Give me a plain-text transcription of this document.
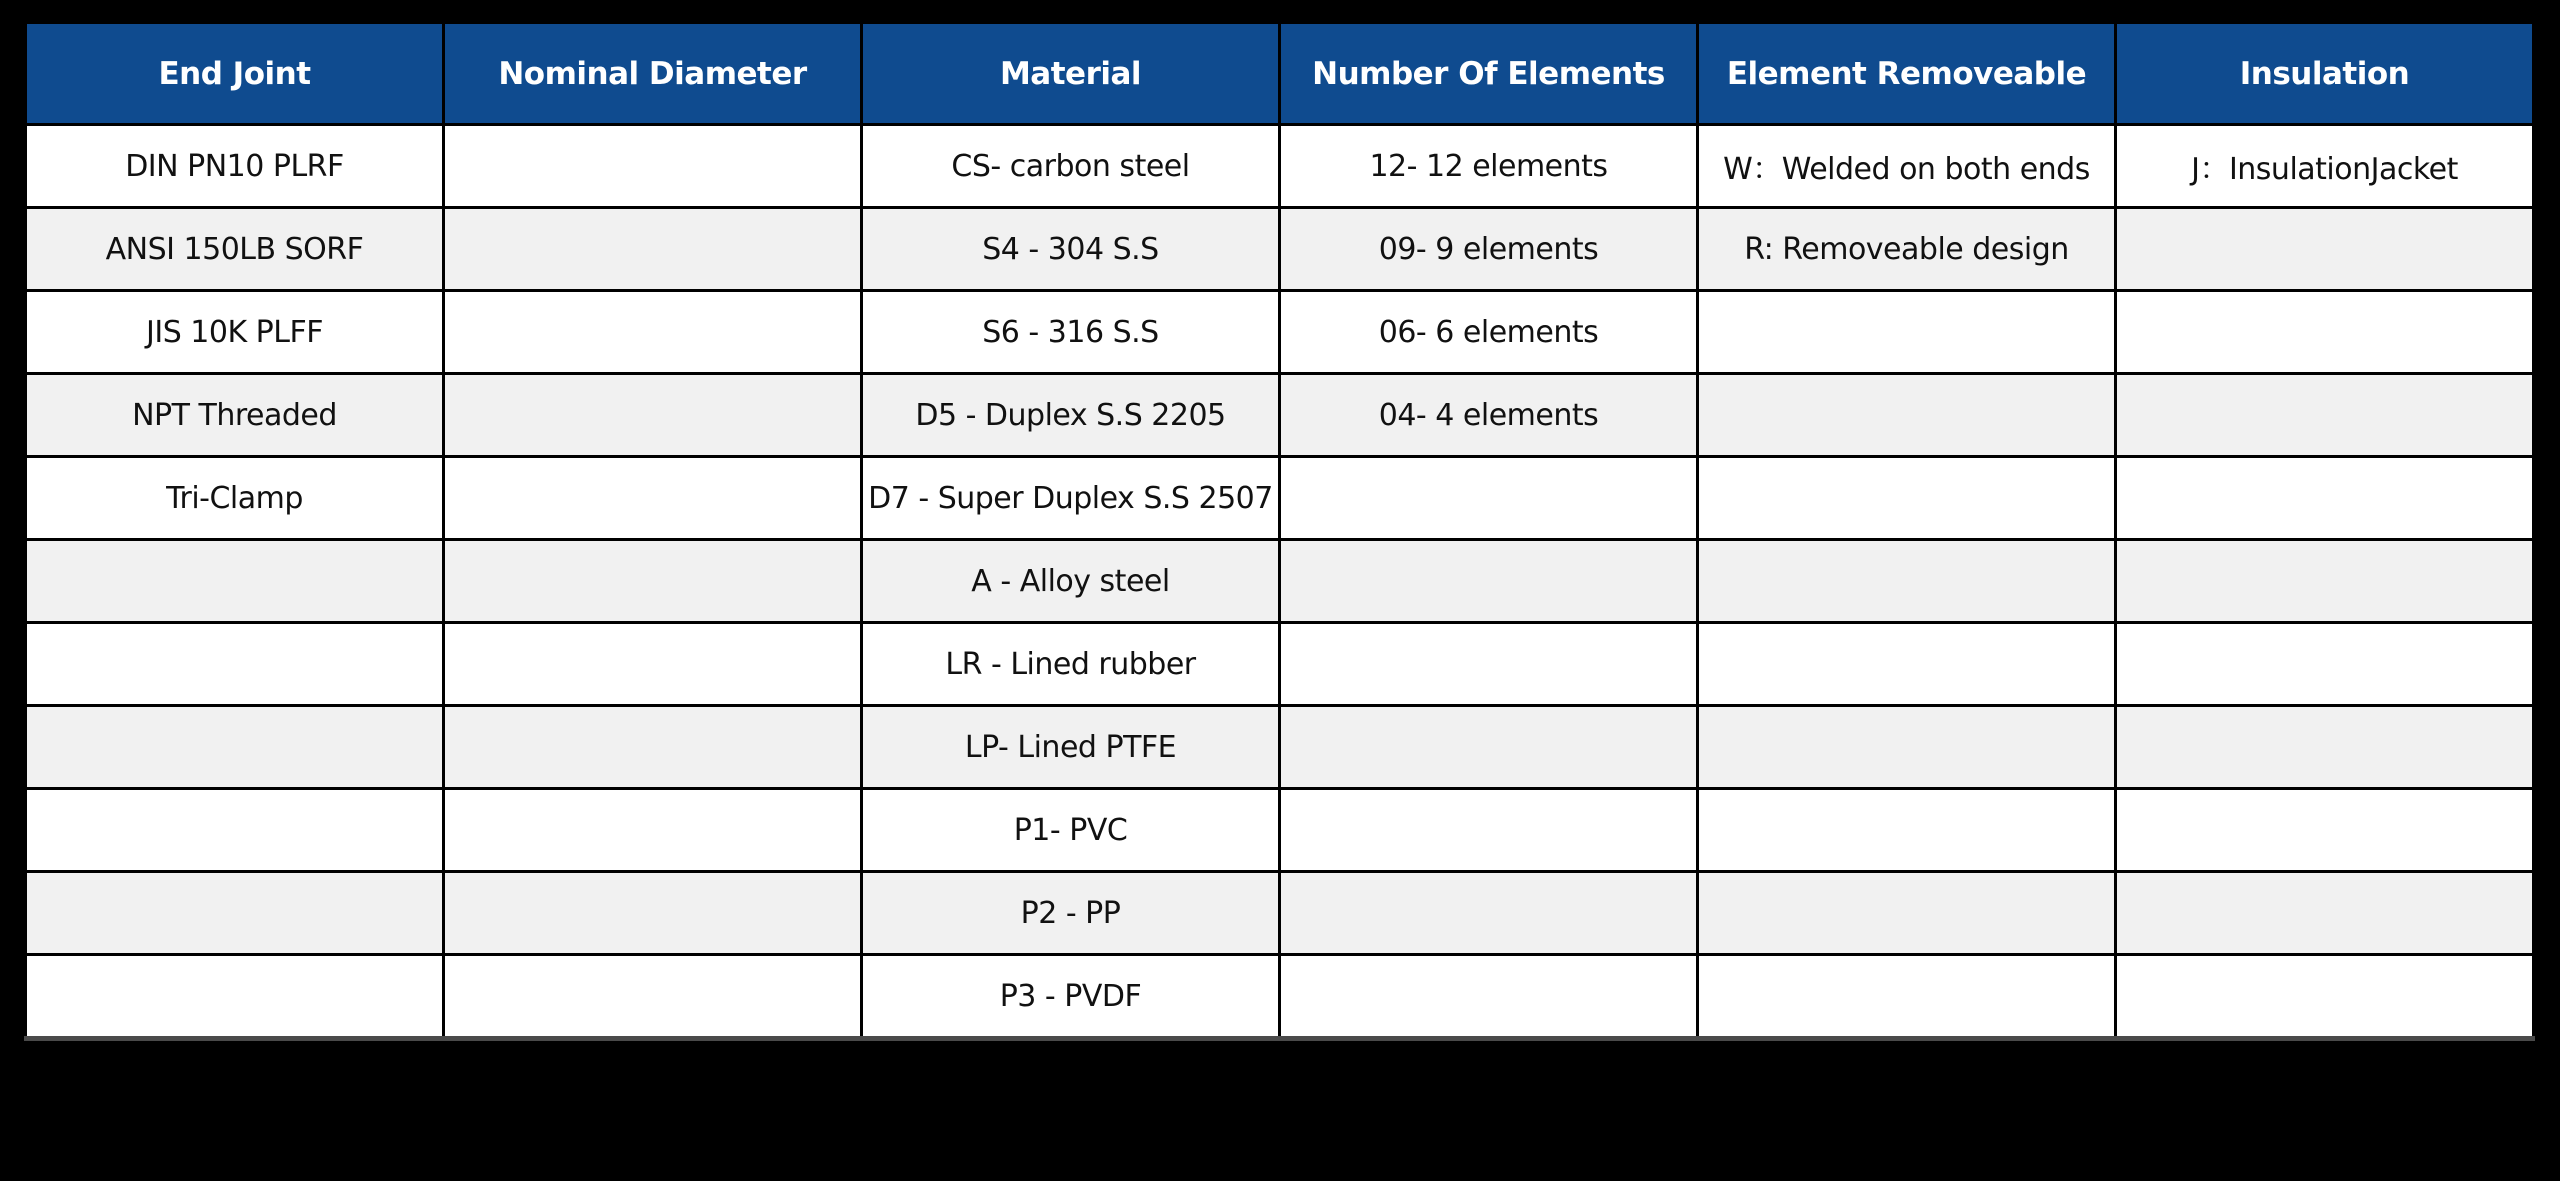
End Joint	Nominal Diameter	Material	Number Of Elements	Element Removeable	Insulation
DIN PN10 PLRF		CS- carbon steel	12- 12 elements	W：Welded on both ends	J：InsulationJacket
ANSI 150LB SORF		S4 - 304 S.S	09- 9 elements	R: Removeable design	
JIS 10K PLFF		S6 - 316 S.S	06- 6 elements		
NPT Threaded		D5 - Duplex S.S 2205	04- 4 elements		
Tri-Clamp		D7 - Super Duplex S.S 2507			
		A - Alloy steel			
		LR - Lined rubber			
		LP- Lined PTFE			
		P1- PVC			
		P2 - PP			
		P3 - PVDF			
